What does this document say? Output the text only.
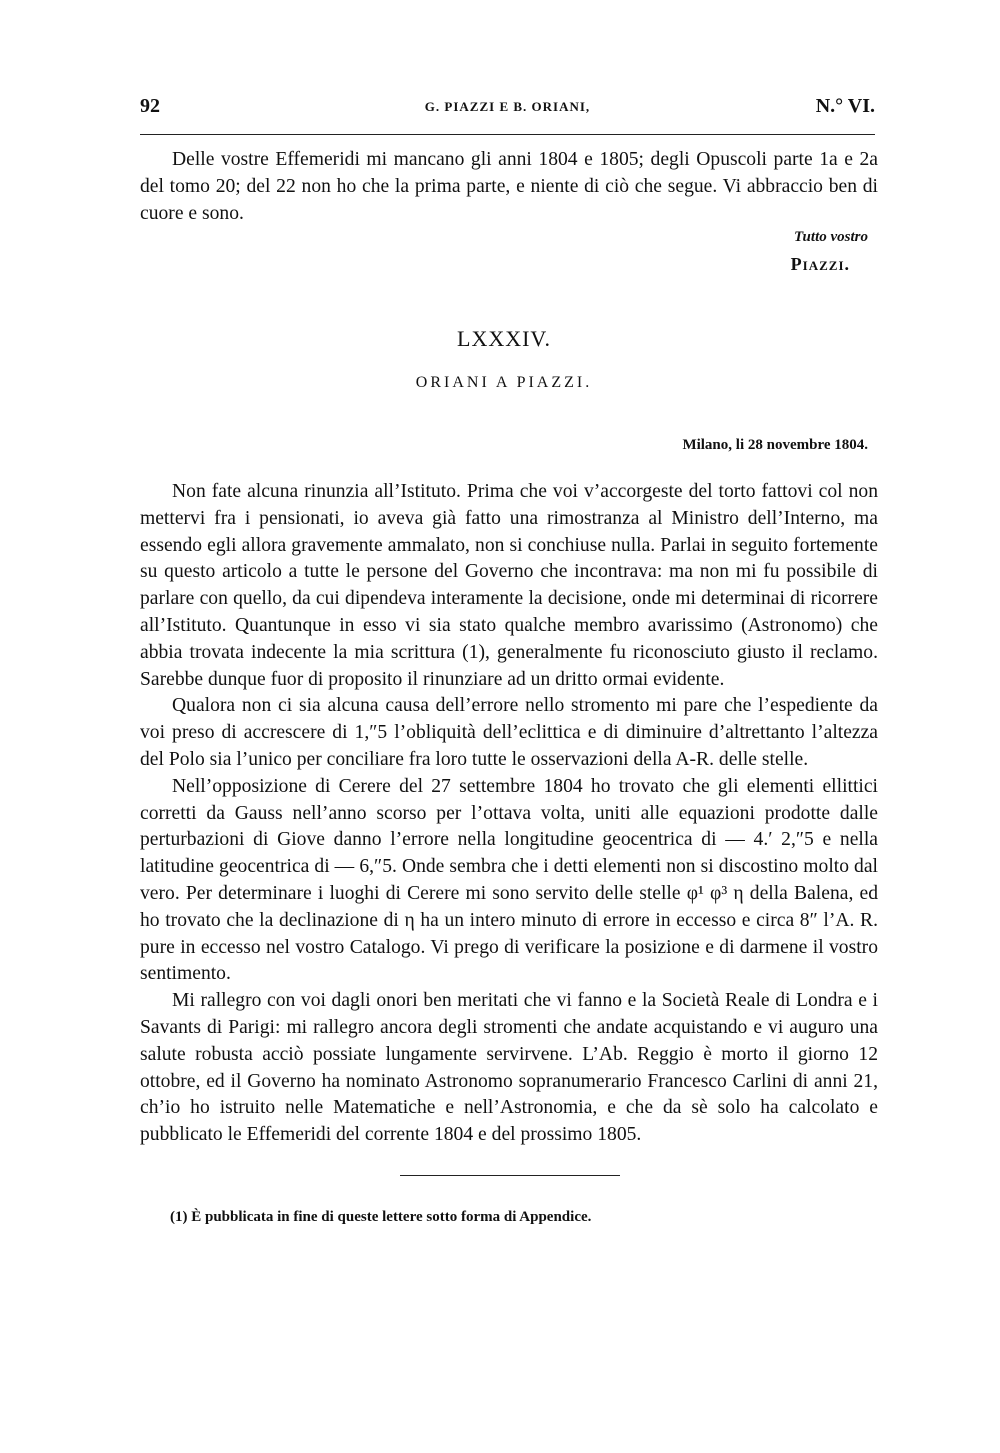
92	G. PIAZZI E B. ORIANI,	N.° VI.

Delle vostre Effemeridi mi mancano gli anni 1804 e 1805; degli Opuscoli parte 1a e 2a del tomo 20; del 22 non ho che la prima parte, e niente di ciò che segue. Vi abbraccio ben di cuore e sono.

Tutto vostro
Piazzi.
LXXXIV.
ORIANI A PIAZZI.
Milano, li 28 novembre 1804.

Non fate alcuna rinunzia all’Istituto. Prima che voi v’accorgeste del torto fattovi col non mettervi fra i pensionati, io aveva già fatto una rimostranza al Ministro dell’Interno, ma essendo egli allora gravemente ammalato, non si conchiuse nulla. Parlai in seguito fortemente su questo articolo a tutte le persone del Governo che incontrava: ma non mi fu possibile di parlare con quello, da cui dipendeva interamente la decisione, onde mi determinai di ricorrere all’Istituto. Quantunque in esso vi sia stato qualche membro avarissimo (Astronomo) che abbia trovata indecente la mia scrittura (1), generalmente fu riconosciuto giusto il reclamo. Sarebbe dunque fuor di proposito il rinunziare ad un dritto ormai evidente.

Qualora non ci sia alcuna causa dell’errore nello stromento mi pare che l’espediente da voi preso di accrescere di 1,″5 l’obliquità dell’eclittica e di diminuire d’altrettanto l’altezza del Polo sia l’unico per conciliare fra loro tutte le osservazioni della A-R. delle stelle.

Nell’opposizione di Cerere del 27 settembre 1804 ho trovato che gli elementi ellittici corretti da Gauss nell’anno scorso per l’ottava volta, uniti alle equazioni prodotte dalle perturbazioni di Giove danno l’errore nella longitudine geocentrica di — 4.′ 2,″5 e nella latitudine geocentrica di — 6,″5. Onde sembra che i detti elementi non si discostino molto dal vero. Per determinare i luoghi di Cerere mi sono servito delle stelle φ¹ φ³ η della Balena, ed ho trovato che la declinazione di η ha un intero minuto di errore in eccesso e circa 8″ l’A. R. pure in eccesso nel vostro Catalogo. Vi prego di verificare la posizione e di darmene il vostro sentimento.

Mi rallegro con voi dagli onori ben meritati che vi fanno e la Società Reale di Londra e i Savants di Parigi: mi rallegro ancora degli stromenti che andate acquistando e vi auguro una salute robusta acciò possiate lungamente servirvene. L’Ab. Reggio è morto il giorno 12 ottobre, ed il Governo ha nominato Astronomo sopranumerario Francesco Carlini di anni 21, ch’io ho istruito nelle Matematiche e nell’Astronomia, e che da sè solo ha calcolato e pubblicato le Effemeridi del corrente 1804 e del prossimo 1805.

(1) È pubblicata in fine di queste lettere sotto forma di Appendice.
